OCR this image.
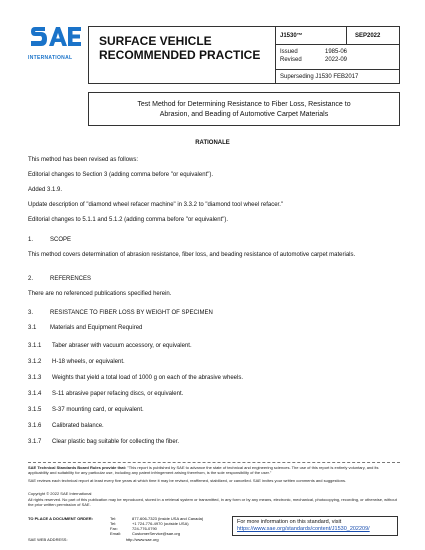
INTERNATIONAL
SURFACE VEHICLE
RECOMMENDED PRACTICE
J1530™	SEP2022
Issued	1985-06
Revised	2022-09
Superseding J1530 FEB2017
Test Method for Determining Resistance to Fiber Loss, Resistance to
Abrasion, and Beading of Automotive Carpet Materials
RATIONALE
This method has been revised as follows:
Editorial changes to Section 3 (adding comma before "or equivalent").
Added 3.1.9.
Update description of "diamond wheel refacer machine" in 3.3.2 to "diamond tool wheel refacer."
Editorial changes to 5.1.1 and 5.1.2 (adding comma before "or equivalent").
1.	SCOPE
This method covers determination of abrasion resistance, fiber loss, and beading resistance of automotive carpet materials.
2.	REFERENCES
There are no referenced publications specified herein.
3.	RESISTANCE TO FIBER LOSS BY WEIGHT OF SPECIMEN
3.1 Materials and Equipment Required
3.1.1 Taber abraser with vacuum accessory, or equivalent.
3.1.2 H-18 wheels, or equivalent.
3.1.3 Weights that yield a total load of 1000 g on each of the abrasive wheels.
3.1.4 S-11 abrasive paper refacing discs, or equivalent.
3.1.5 S-37 mounting card, or equivalent.
3.1.6 Calibrated balance.
3.1.7 Clear plastic bag suitable for collecting the fiber.
SAE Technical Standards Board Rules provide that: "This report is published by SAE to advance the state of technical and engineering sciences. The use of this report is entirely voluntary, and its applicability and suitability for any particular use, including any patent infringement arising therefrom, is the sole responsibility of the user."
SAE reviews each technical report at least every five years at which time it may be revised, reaffirmed, stabilized, or cancelled. SAE invites your written comments and suggestions.
Copyright © 2022 SAE International
All rights reserved. No part of this publication may be reproduced, stored in a retrieval system or transmitted, in any form or by any means, electronic, mechanical, photocopying, recording, or otherwise, without the prior written permission of SAE.
TO PLACE A DOCUMENT ORDER:	Tel:	877-606-7323 (inside USA and Canada)
Tel:	+1 724-776-4970 (outside USA)
Fax:	724-776-0790
Email:	CustomerService@sae.org
SAE WEB ADDRESS:	http://www.sae.org
For more information on this standard, visit
https://www.sae.org/standards/content/J1530_202209/
